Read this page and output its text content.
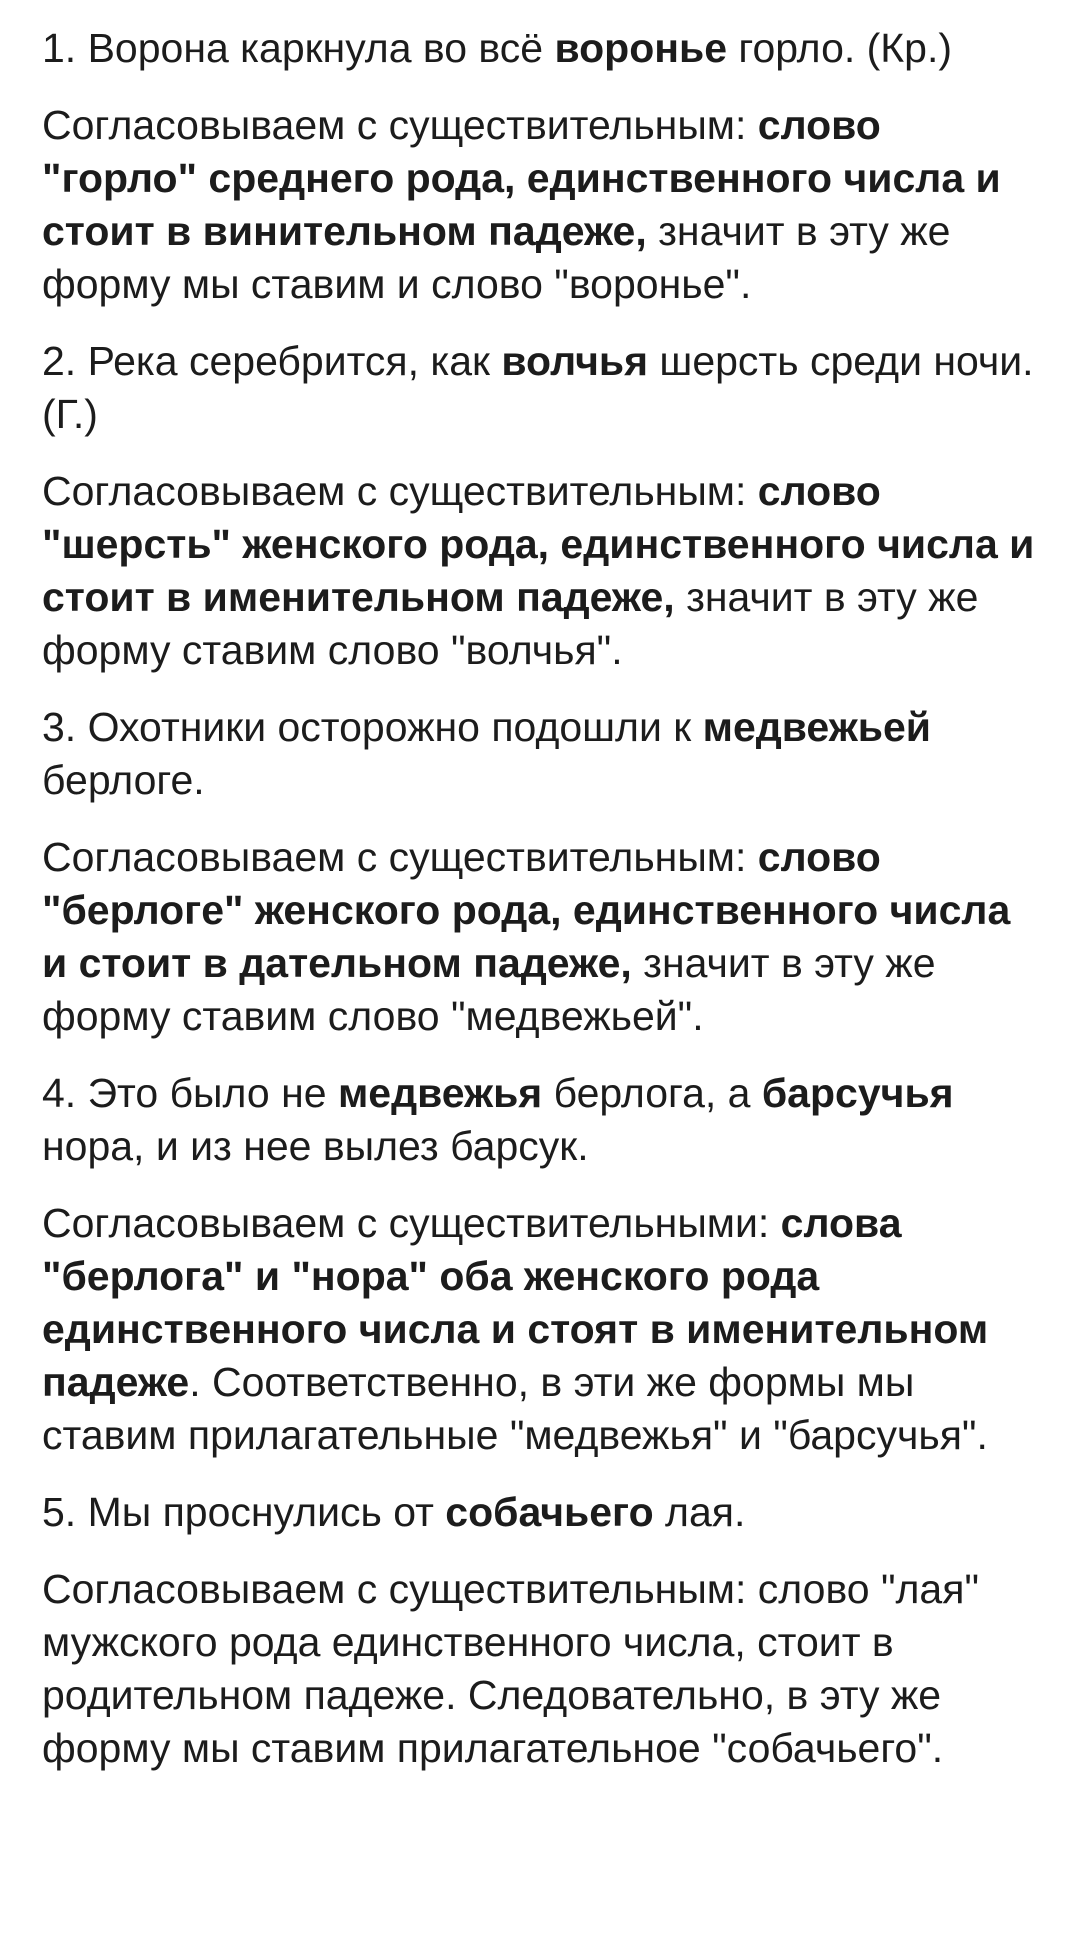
1. Ворона каркнула во всё воронье горло. (Кр.)

Согласовываем с существительным: слово "горло" среднего рода, единственного числа и стоит в винительном падеже, значит в эту же форму мы ставим и слово "воронье".

2. Река серебрится, как волчья шерсть среди ночи. (Г.)

Согласовываем с существительным: слово "шерсть" женского рода, единственного числа и стоит в именительном падеже, значит в эту же форму ставим слово "волчья".

3. Охотники осторожно подошли к медвежьей берлоге.

Согласовываем с существительным: слово "берлоге" женского рода, единственного числа и стоит в дательном падеже, значит в эту же форму ставим слово "медвежьей".

4. Это было не медвежья берлога, а барсучья нора, и из нее вылез барсук.

Согласовываем с существительными: слова "берлога" и "нора" оба женского рода единственного числа и стоят в именительном падеже. Соответственно, в эти же формы мы ставим прилагательные "медвежья" и "барсучья".

5. Мы проснулись от собачьего лая.

Согласовываем с существительным: слово "лая" мужского рода единственного числа, стоит в родительном падеже. Следовательно, в эту же форму мы ставим прилагательное "собачьего".
